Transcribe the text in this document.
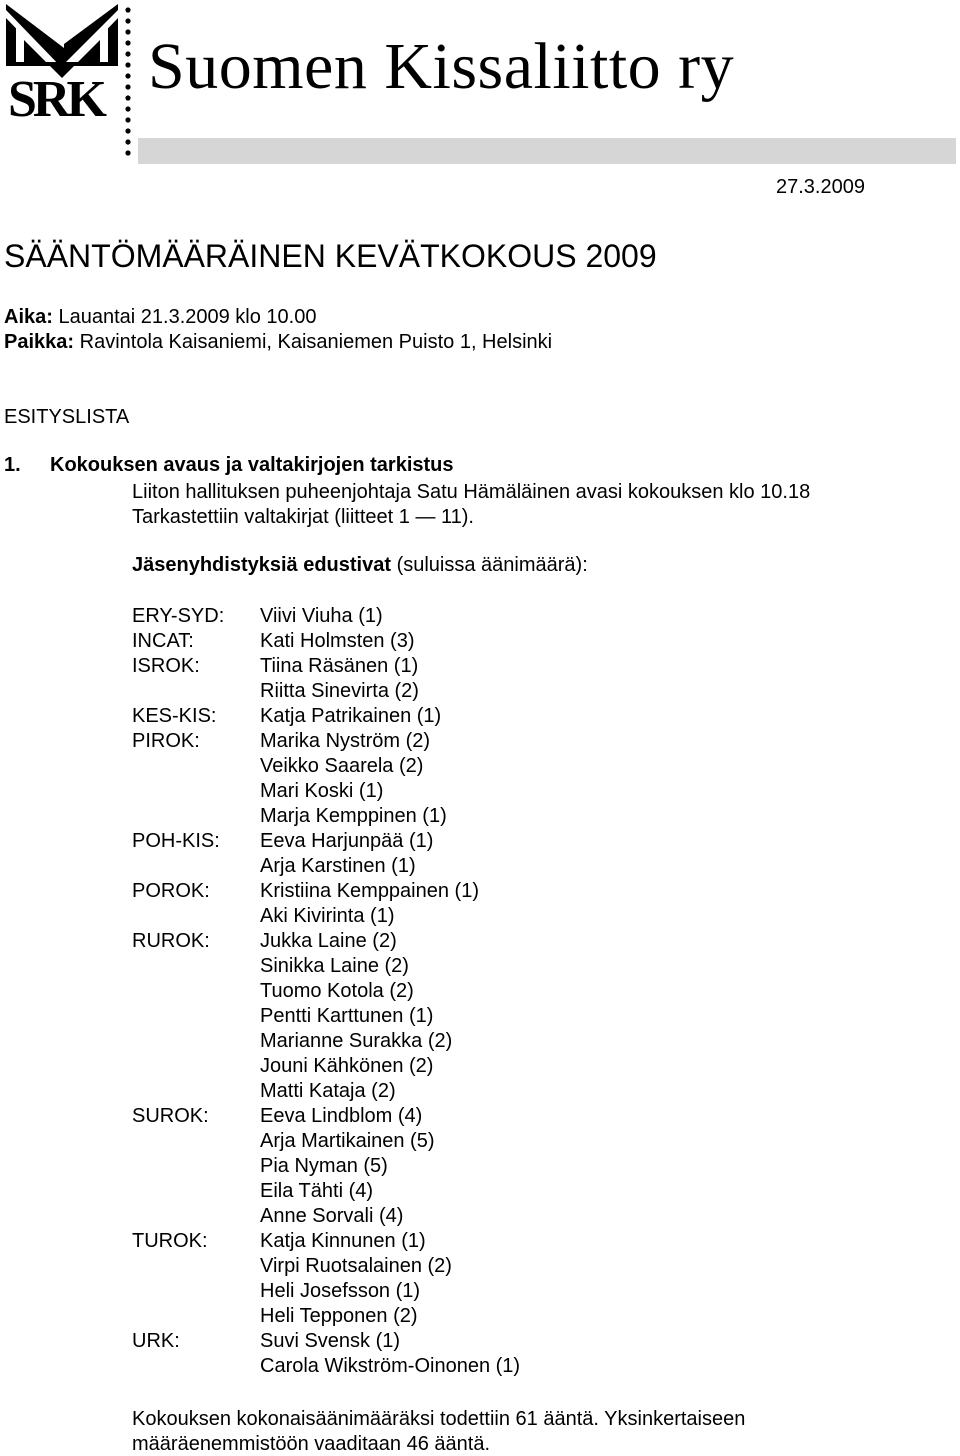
SRK Suomen Kissaliitto ry
27.3.2009
SÄÄNTÖMÄÄRÄINEN KEVÄTKOKOUS 2009
Aika: Lauantai 21.3.2009 klo 10.00
Paikka: Ravintola Kaisaniemi, Kaisaniemen Puisto 1, Helsinki
ESITYSLISTA
1. Kokouksen avaus ja valtakirjojen tarkistus
Liiton hallituksen puheenjohtaja Satu Hämäläinen avasi kokouksen klo 10.18
Tarkastettiin valtakirjat (liitteet 1 — 11).
Jäsenyhdistyksiä edustivat (suluissa äänimäärä):
ERY-SYD: Viivi Viuha (1)
INCAT:	Kati Holmsten (3)
ISROK:	Tiina Räsänen (1)
Riitta Sinevirta (2)
KES-KIS: Katja Patrikainen (1)
PIROK:	Marika Nyström (2)
Veikko Saarela (2)
Mari Koski (1)
Marja Kemppinen (1)
POH-KIS: Eeva Harjunpää (1)
Arja Karstinen (1)
POROK:	Kristiina Kemppainen (1)
Aki Kivirinta (1)
RUROK:	Jukka Laine (2)
Sinikka Laine (2)
Tuomo Kotola (2)
Pentti Karttunen (1)
Marianne Surakka (2)
Jouni Kähkönen (2)
Matti Kataja (2)
SUROK:	Eeva Lindblom (4)
Arja Martikainen (5)
Pia Nyman (5)
Eila Tähti (4)
Anne Sorvali (4)
TUROK:	Katja Kinnunen (1)
Virpi Ruotsalainen (2)
Heli Josefsson (1)
Heli Tepponen (2)
URK:	Suvi Svensk (1)
Carola Wikström-Oinonen (1)
Kokouksen kokonaisäänimääräksi todettiin 61 ääntä. Yksinkertaiseen
määräenemmistöön vaaditaan 46 ääntä.
